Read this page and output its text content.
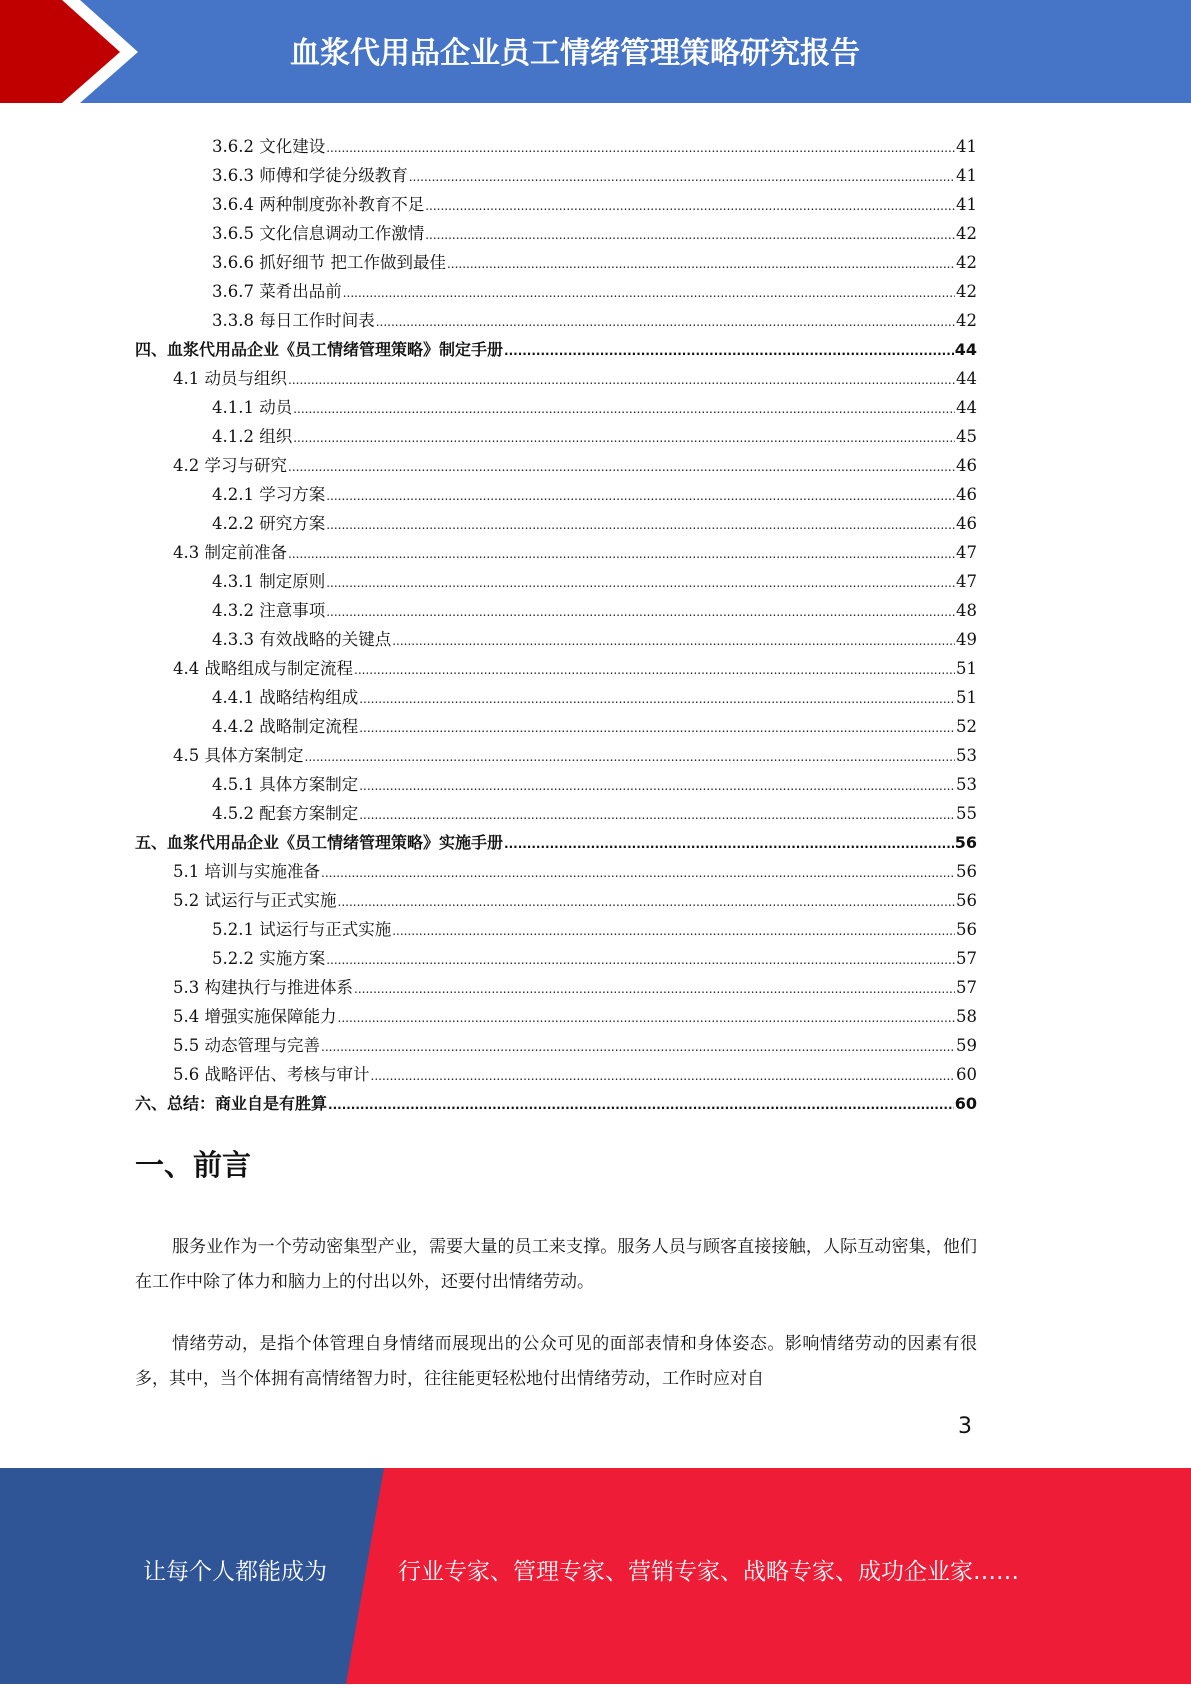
血浆代用品企业员工情绪管理策略研究报告
3.6.2 文化建设 .....	41
3.6.3 师傅和学徒分级教育 .....	41
3.6.4 两种制度弥补教育不足 .....	41
3.6.5 文化信息调动工作激情 .....	42
3.6.6 抓好细节 把工作做到最佳 .....	42
3.6.7 菜肴出品前 .....	42
3.3.8 每日工作时间表 .....	42
四、血浆代用品企业《员工情绪管理策略》制定手册 .....	44
4.1 动员与组织 .....	44
4.1.1 动员 .....	44
4.1.2 组织 .....	45
4.2 学习与研究 .....	46
4.2.1 学习方案 .....	46
4.2.2 研究方案 .....	46
4.3 制定前准备 .....	47
4.3.1 制定原则 .....	47
4.3.2 注意事项 .....	48
4.3.3 有效战略的关键点 .....	49
4.4 战略组成与制定流程 .....	51
4.4.1 战略结构组成 .....	51
4.4.2 战略制定流程 .....	52
4.5 具体方案制定 .....	53
4.5.1 具体方案制定 .....	53
4.5.2 配套方案制定 .....	55
五、血浆代用品企业《员工情绪管理策略》实施手册 .....	56
5.1 培训与实施准备 .....	56
5.2 试运行与正式实施 .....	56
5.2.1 试运行与正式实施 .....	56
5.2.2 实施方案 .....	57
5.3 构建执行与推进体系 .....	57
5.4 增强实施保障能力 .....	58
5.5 动态管理与完善 .....	59
5.6 战略评估、考核与审计 .....	60
六、总结：商业自是有胜算 .....	60
一、前言
服务业作为一个劳动密集型产业，需要大量的员工来支撑。服务人员与顾客直接接触，人际互动密集，他们在工作中除了体力和脑力上的付出以外，还要付出情绪劳动。
情绪劳动，是指个体管理自身情绪而展现出的公众可见的面部表情和身体姿态。影响情绪劳动的因素有很多，其中，当个体拥有高情绪智力时，往往能更轻松地付出情绪劳动，工作时应对自
3
让每个人都能成为	行业专家、管理专家、营销专家、战略专家、成功企业家……
